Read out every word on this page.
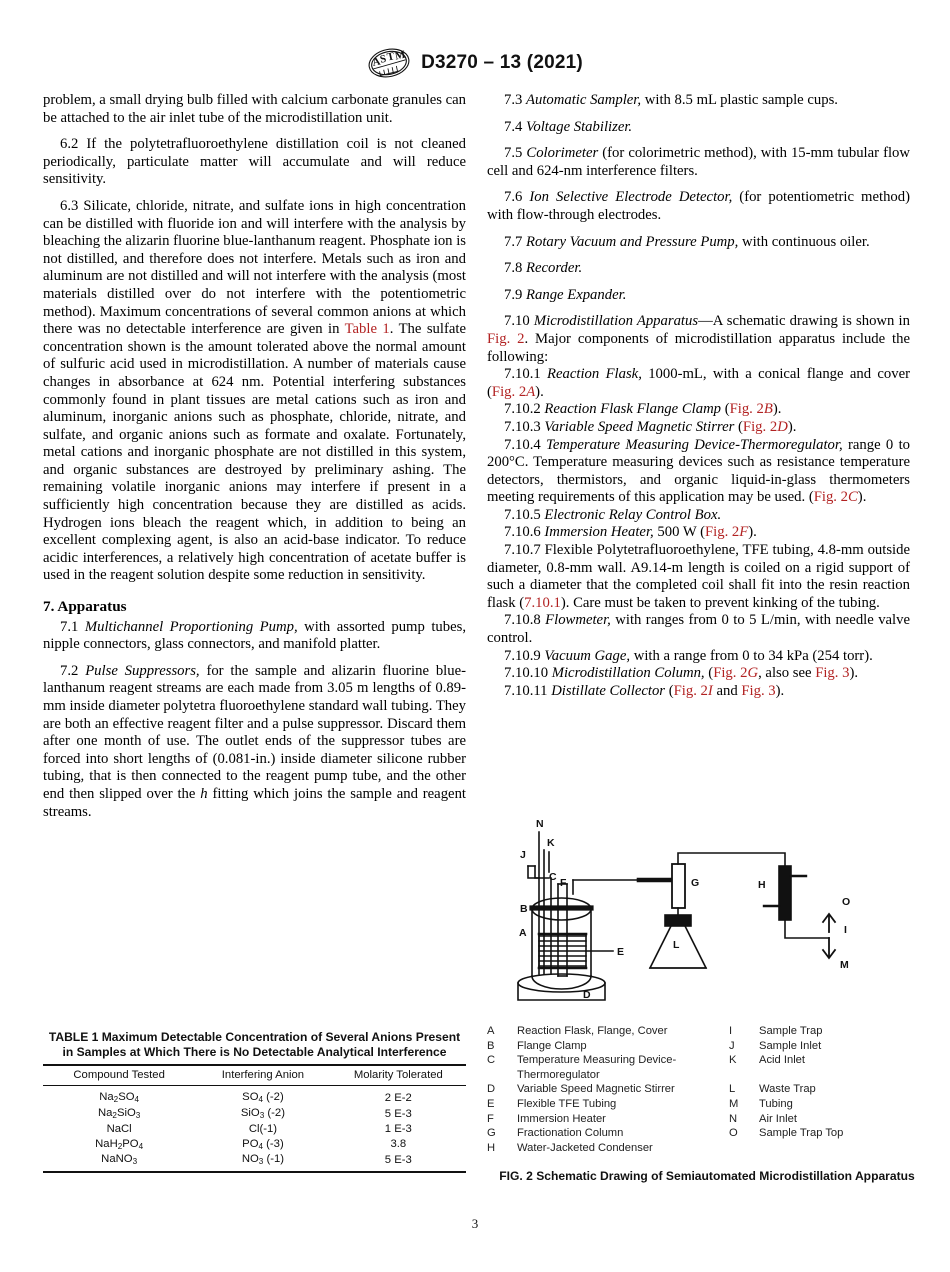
A
S
T
M D3270 – 13 (2021)

problem, a small drying bulb filled with calcium carbonate granules can be attached to the air inlet tube of the microdistillation unit.

6.2 If the polytetrafluoroethylene distillation coil is not cleaned periodically, particulate matter will accumulate and will reduce sensitivity.

6.3 Silicate, chloride, nitrate, and sulfate ions in high concentration can be distilled with fluoride ion and will interfere with the analysis by bleaching the alizarin fluorine blue-lanthanum reagent. Phosphate ion is not distilled, and therefore does not interfere. Metals such as iron and aluminum are not distilled and will not interfere with the analysis (most materials distilled over do not interfere with the potentiometric method). Maximum concentrations of several common anions at which there was no detectable interference are given in Table 1. The sulfate concentration shown is the amount tolerated above the normal amount of sulfuric acid used in microdistillation. A number of materials cause changes in absorbance at 624 nm. Potential interfering substances commonly found in plant tissues are metal cations such as iron and aluminum, inorganic anions such as phosphate, chloride, nitrate, and sulfate, and organic anions such as formate and oxalate. Fortunately, metal cations and inorganic phosphate are not distilled in this system, and organic substances are destroyed by preliminary ashing. The remaining volatile inorganic anions may interfere if present in a sufficiently high concentration because they are distilled as acids. Hydrogen ions bleach the reagent which, in addition to being an excellent complexing agent, is also an acid-base indicator. To reduce acidic interferences, a relatively high concentration of acetate buffer is used in the reagent solution despite some reduction in sensitivity.

7. Apparatus

7.1 Multichannel Proportioning Pump, with assorted pump tubes, nipple connectors, glass connectors, and manifold platter.

7.2 Pulse Suppressors, for the sample and alizarin fluorine blue-lanthanum reagent streams are each made from 3.05 m lengths of 0.89-mm inside diameter polytetra fluoroethylene standard wall tubing. They are both an effective reagent filter and a pulse suppressor. Discard them after one month of use. The outlet ends of the suppressor tubes are forced into short lengths of (0.081-in.) inside diameter silicone rubber tubing, that is then connected to the reagent pump tube, and the other end then slipped over the h fitting which joins the sample and reagent streams.

7.3 Automatic Sampler, with 8.5 mL plastic sample cups.

7.4 Voltage Stabilizer.

7.5 Colorimeter (for colorimetric method), with 15-mm tubular flow cell and 624-nm interference filters.

7.6 Ion Selective Electrode Detector, (for potentiometric method) with flow-through electrodes.

7.7 Rotary Vacuum and Pressure Pump, with continuous oiler.

7.8 Recorder.

7.9 Range Expander.

7.10 Microdistillation Apparatus—A schematic drawing is shown in Fig. 2. Major components of microdistillation apparatus include the following:

7.10.1 Reaction Flask, 1000-mL, with a conical flange and cover (Fig. 2A).

7.10.2 Reaction Flask Flange Clamp (Fig. 2B).

7.10.3 Variable Speed Magnetic Stirrer (Fig. 2D).

7.10.4 Temperature Measuring Device-Thermoregulator, range 0 to 200°C. Temperature measuring devices such as resistance temperature detectors, thermistors, and organic liquid-in-glass thermometers meeting requirements of this application may be used. (Fig. 2C).

7.10.5 Electronic Relay Control Box.

7.10.6 Immersion Heater, 500 W (Fig. 2F).

7.10.7 Flexible Polytetrafluoroethylene, TFE tubing, 4.8-mm outside diameter, 0.8-mm wall. A9.14-m length is coiled on a rigid support of such a diameter that the completed coil shall fit into the resin reaction flask (7.10.1). Care must be taken to prevent kinking of the tubing.

7.10.8 Flowmeter, with ranges from 0 to 5 L/min, with needle valve control.

7.10.9 Vacuum Gage, with a range from 0 to 34 kPa (254 torr).

7.10.10 Microdistillation Column, (Fig. 2G, also see Fig. 3).

7.10.11 Distillate Collector (Fig. 2I and Fig. 3).

TABLE 1 Maximum Detectable Concentration of Several Anions Present in Samples at Which There is No Detectable Analytical Interference
Compound Tested	Interfering Anion	Molarity Tolerated
$Na_2SO_4$	$SO_4$ (-2)	2 E-2
$Na_2SiO_3$	SiO$_3$ (-2)	5 E-3
NaCl	Cl(-1)	1 E-3
$NaH_2PO_4$	$PO_4$ (-3)	3.8
NaNO$_3$	$NO_3$ (-1)	5 E-3
N
K
J
C F
B
A
E
D
G
L
H
O
I
M
A	Reaction Flask, Flange, Cover
B	Flange Clamp
C	Temperature Measuring Device-Thermoregulator
D	Variable Speed Magnetic Stirrer
E	Flexible TFE Tubing
F	Immersion Heater
G	Fractionation Column
H	Water-Jacketed Condenser
I	Sample Trap
J	Sample Inlet
K	Acid Inlet
L	Waste Trap
M	Tubing
N	Air Inlet
O	Sample Trap Top
FIG. 2 Schematic Drawing of Semiautomated Microdistillation Apparatus
3
